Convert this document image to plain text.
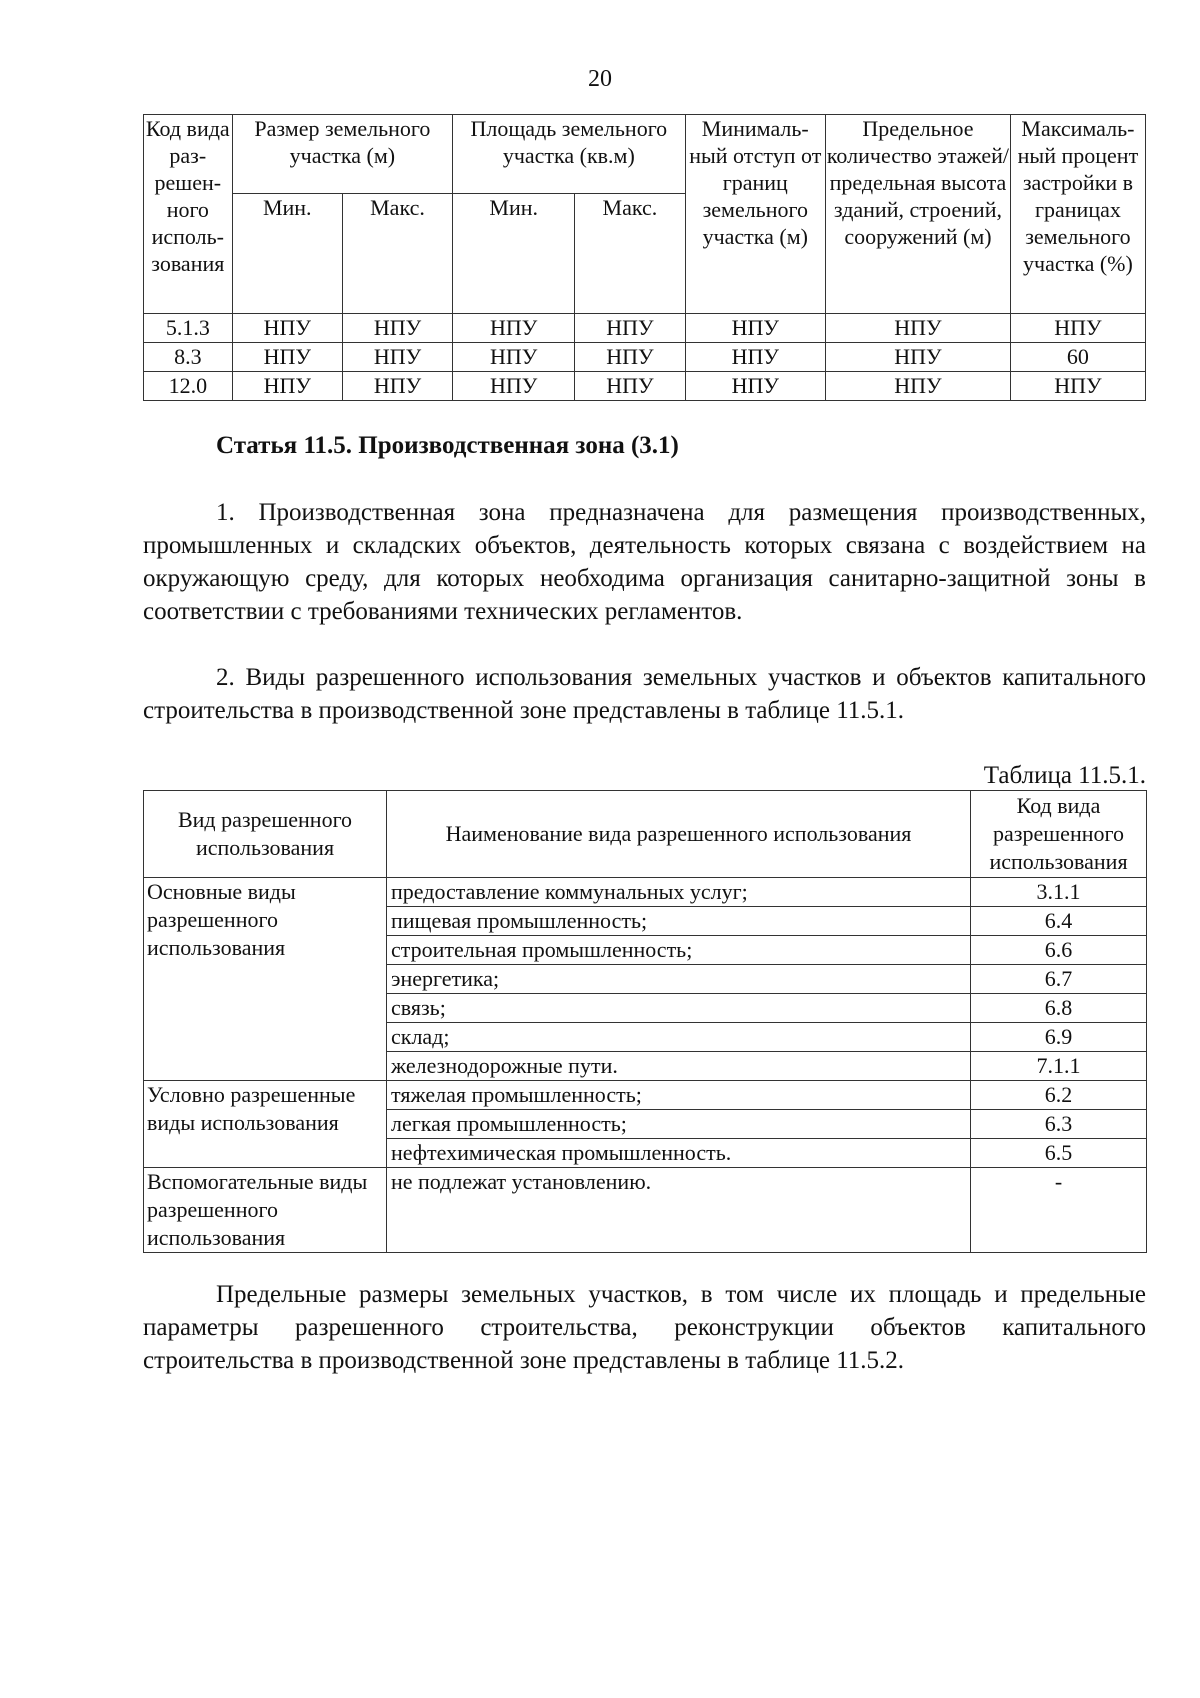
20
Код вида раз-решен-ного исполь-зования	Размер земельного участка (м)		Площадь земельного участка (кв.м)		Минималь-ный отступ от границ земельного участка (м)	Предельное количество этажей/ предельная высота зданий, строений, сооружений (м)	Максималь-ный процент застройки в границах земельного участка (%)
	Мин.	Макс.	Мин.	Макс.			
5.1.3	НПУ	НПУ	НПУ	НПУ	НПУ	НПУ	НПУ
8.3	НПУ	НПУ	НПУ	НПУ	НПУ	НПУ	60
12.0	НПУ	НПУ	НПУ	НПУ	НПУ	НПУ	НПУ
Статья 11.5. Производственная зона (3.1)
1. Производственная зона предназначена для размещения производственных, промышленных и складских объектов, деятельность которых связана с воздействием на окружающую среду, для которых необходима организация санитарно-защитной зоны в соответствии с требованиями технических регламентов.
2. Виды разрешенного использования земельных участков и объектов капитального строительства в производственной зоне представлены в таблице 11.5.1.
Таблица 11.5.1.
Вид разрешенного использования	Наименование вида разрешенного использования	Код вида разрешенного использования
Основные виды разрешенного использования	предоставление коммунальных услуг;	3.1.1
	пищевая промышленность;	6.4
	строительная промышленность;	6.6
	энергетика;	6.7
	связь;	6.8
	склад;	6.9
	железнодорожные пути.	7.1.1
Условно разрешенные виды использования	тяжелая промышленность;	6.2
	легкая промышленность;	6.3
	нефтехимическая промышленность.	6.5
Вспомогательные виды разрешенного использования	не подлежат установлению.	-
Предельные размеры земельных участков, в том числе их площадь и предельные параметры разрешенного строительства, реконструкции объектов капитального строительства в производственной зоне представлены в таблице 11.5.2.
